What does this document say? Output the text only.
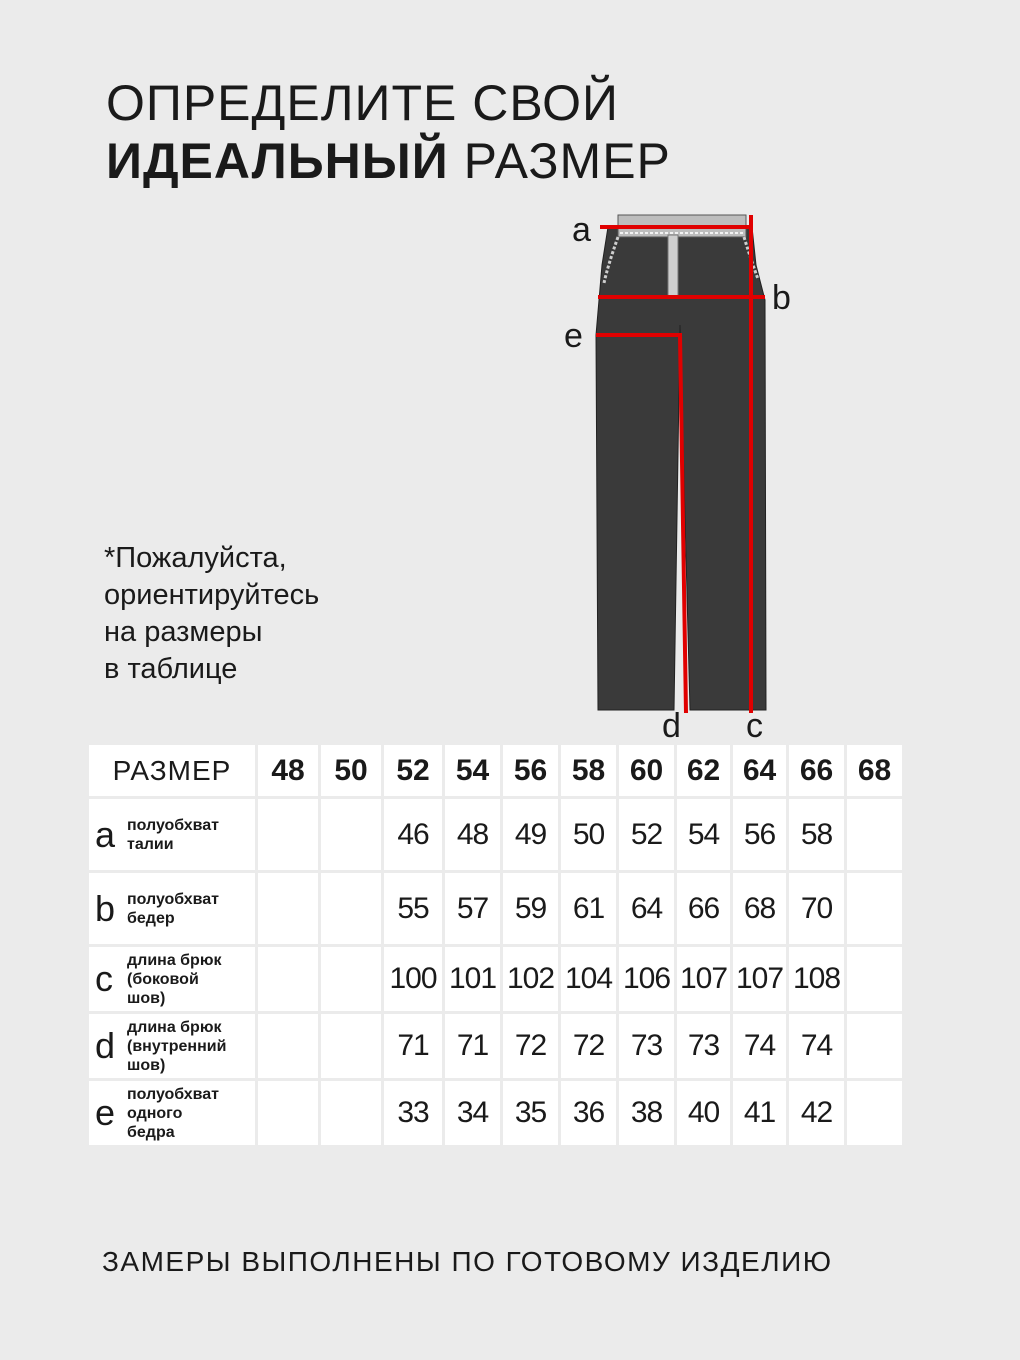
ОПРЕДЕЛИТЕ СВОЙ
ИДЕАЛЬНЫЙ РАЗМЕР
*Пожалуйста,
ориентируйтесь
на размеры
в таблице
a
b
e
d c
РАЗМЕР	48	50	52	54	56	58	60	62	64	66	68

a полуобхват
талии			46	48	49	50	52	54	56	58	

b полуобхват
бедер			55	57	59	61	64	66	68	70	

c длина брюк
(боковой
шов)			100	101	102	104	106	107	107	108	

d длина брюк
(внутренний
шов)			71	71	72	72	73	73	74	74	

e полуобхват
одного
бедра			33	34	35	36	38	40	41	42	
ЗАМЕРЫ ВЫПОЛНЕНЫ ПО ГОТОВОМУ ИЗДЕЛИЮ
